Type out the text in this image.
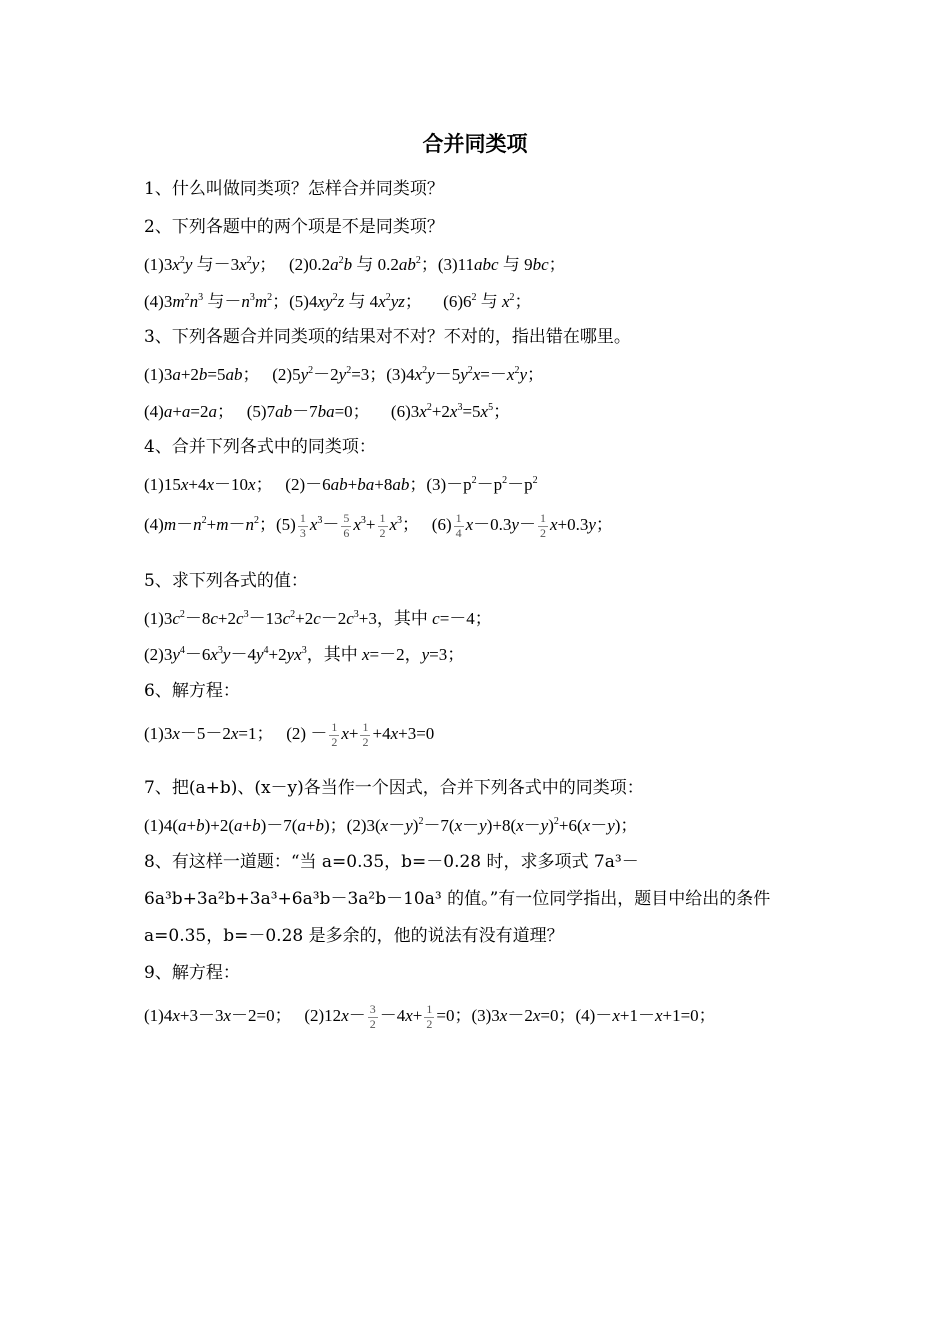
合并同类项
1、什么叫做同类项？怎样合并同类项？
2、下列各题中的两个项是不是同类项？
$(1)3x^2y$ 与$-3x^2y$；   $(2)0.2a^2b$ 与 $0.2ab^2$；(3)11abc 与 9bc；
$(4)3m^2n^3$ 与$-n^3m^2$；$(5)4xy^2z$ 与 $4x^2yz$；     $(6)6^2$ 与 $x^2$；
3、下列各题合并同类项的结果对不对？不对的，指出错在哪里。
(1)3a+2b=5ab；   $(2)5y^2-2y^2=3$；$(3)4x^2y-5y^2x=-x^2y$；
(4)a+a=2a；   (5)7ab－7ba=0；     $(6)3x^2+2x^3=5x^5$；
4、合并下列各式中的同类项：
(1)15x+4x－10x；   (2)－6ab+ba+8ab；$(3)-p^2-p^2-p^2$
$(4)m-n^2+m-n^2$；$(5) \frac{1}{3} x^3- \frac{5}{6} x^3+ \frac{1}{2} x^3$；   $(6) \frac{1}{4} x-0.3y- \frac{1}{2} x+0.3y$；
5、求下列各式的值：
$(1)3c^2-8c+2c^3-13c^2+2c-2c^3+3$，其中 c=－4；
$(2)3y^4-6x^3y-4y^4+2yx^3$，其中 x=－2，y=3；
6、解方程：
(1)3x－5－2x=1；   $(2) - \frac{1}{2} x+ \frac{1}{2} +4x+3=0$
7、把(a+b)、(x－y)各当作一个因式，合并下列各式中的同类项：
(1)4(a+b)+2(a+b)－7(a+b)；$(2)3(x-y)^2-7(x-y)+8(x-y)^2+6(x-y)$；
8、有这样一道题：“当 a=0.35，b=－0.28 时，求多项式 7a³－
6a³b+3a²b+3a³+6a³b－3a²b－10a³ 的值。”有一位同学指出，题目中给出的条件
a=0.35，b=－0.28 是多余的，他的说法有没有道理？
9、解方程：
(1)4x+3－3x－2=0；   $(2)12x- \frac{3}{2} -4x+ \frac{1}{2} =0$；(3)3x－2x=0；(4)－x+1－x+1=0；
